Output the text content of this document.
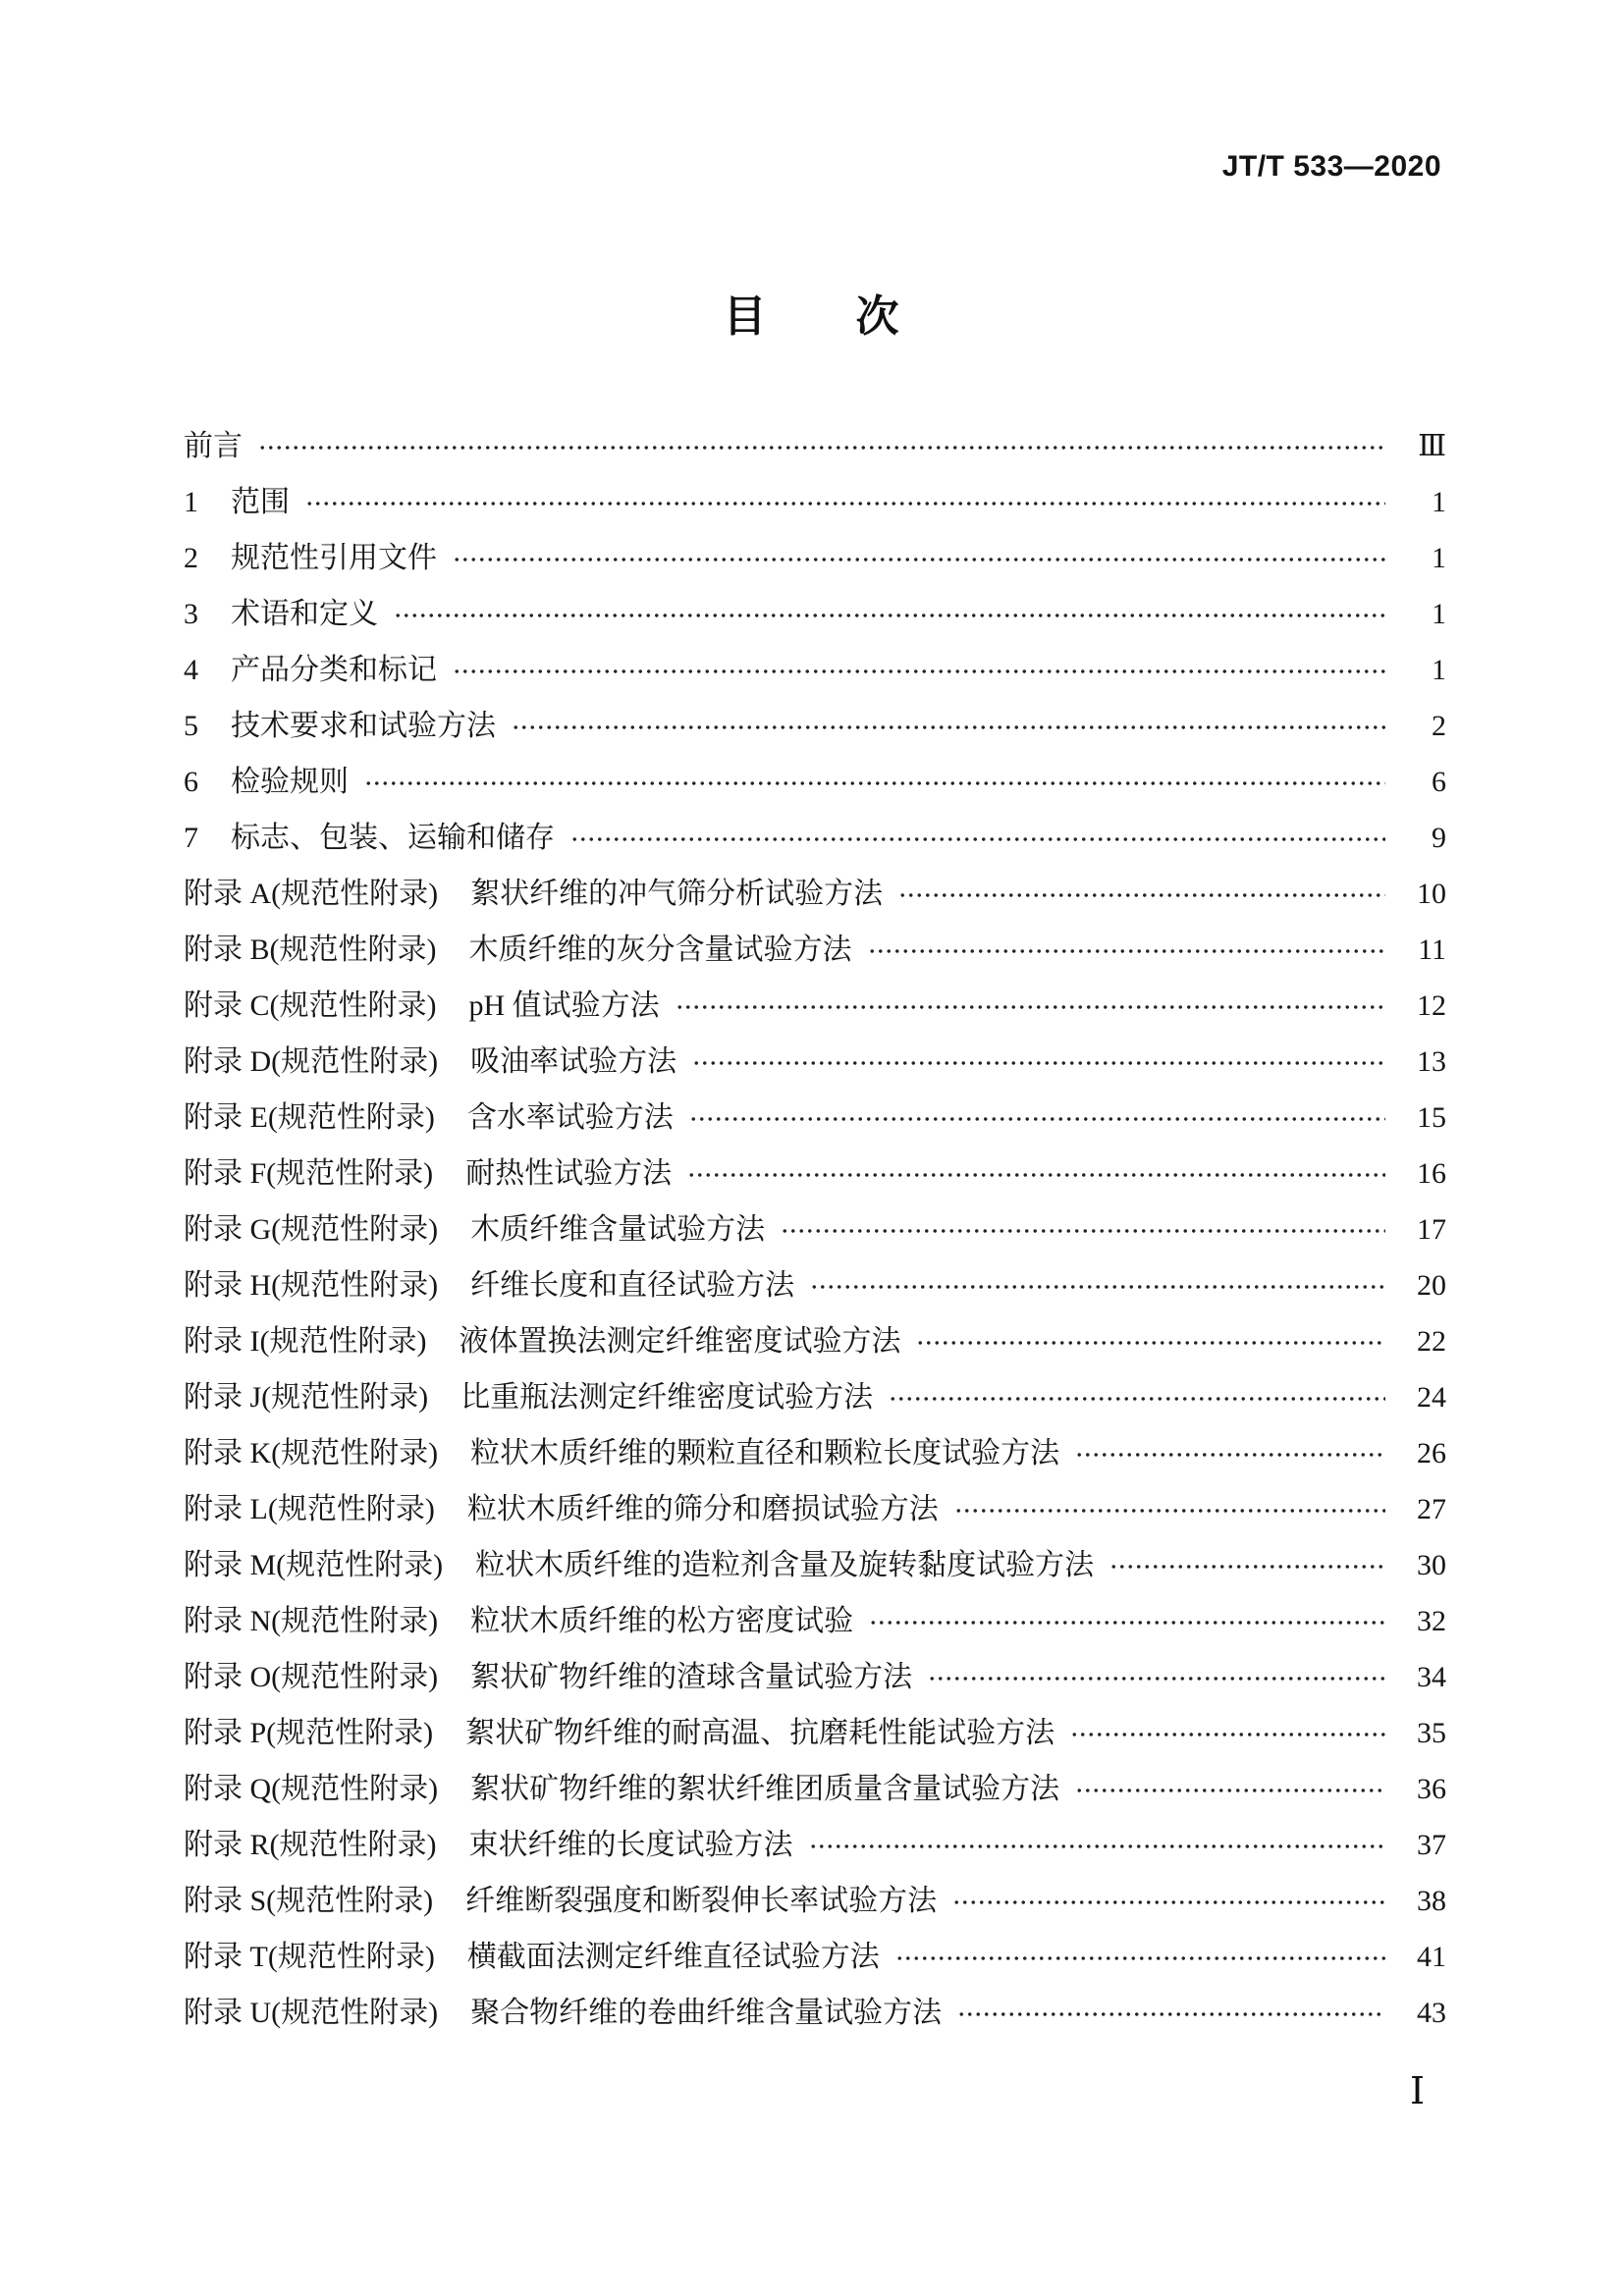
JT/T 533—2020
目　　次
前言	Ⅲ
1 范围	1
2 规范性引用文件	1
3 术语和定义	1
4 产品分类和标记	1
5 技术要求和试验方法	2
6 检验规则	6
7 标志、包装、运输和储存	9
附录 A(规范性附录) 絮状纤维的冲气筛分析试验方法	10
附录 B(规范性附录) 木质纤维的灰分含量试验方法	11
附录 C(规范性附录) pH 值试验方法	12
附录 D(规范性附录) 吸油率试验方法	13
附录 E(规范性附录) 含水率试验方法	15
附录 F(规范性附录) 耐热性试验方法	16
附录 G(规范性附录) 木质纤维含量试验方法	17
附录 H(规范性附录) 纤维长度和直径试验方法	20
附录 I(规范性附录) 液体置换法测定纤维密度试验方法	22
附录 J(规范性附录) 比重瓶法测定纤维密度试验方法	24
附录 K(规范性附录) 粒状木质纤维的颗粒直径和颗粒长度试验方法	26
附录 L(规范性附录) 粒状木质纤维的筛分和磨损试验方法	27
附录 M(规范性附录) 粒状木质纤维的造粒剂含量及旋转黏度试验方法	30
附录 N(规范性附录) 粒状木质纤维的松方密度试验	32
附录 O(规范性附录) 絮状矿物纤维的渣球含量试验方法	34
附录 P(规范性附录) 絮状矿物纤维的耐高温、抗磨耗性能试验方法	35
附录 Q(规范性附录) 絮状矿物纤维的絮状纤维团质量含量试验方法	36
附录 R(规范性附录) 束状纤维的长度试验方法	37
附录 S(规范性附录) 纤维断裂强度和断裂伸长率试验方法	38
附录 T(规范性附录) 横截面法测定纤维直径试验方法	41
附录 U(规范性附录) 聚合物纤维的卷曲纤维含量试验方法	43
Ⅰ
